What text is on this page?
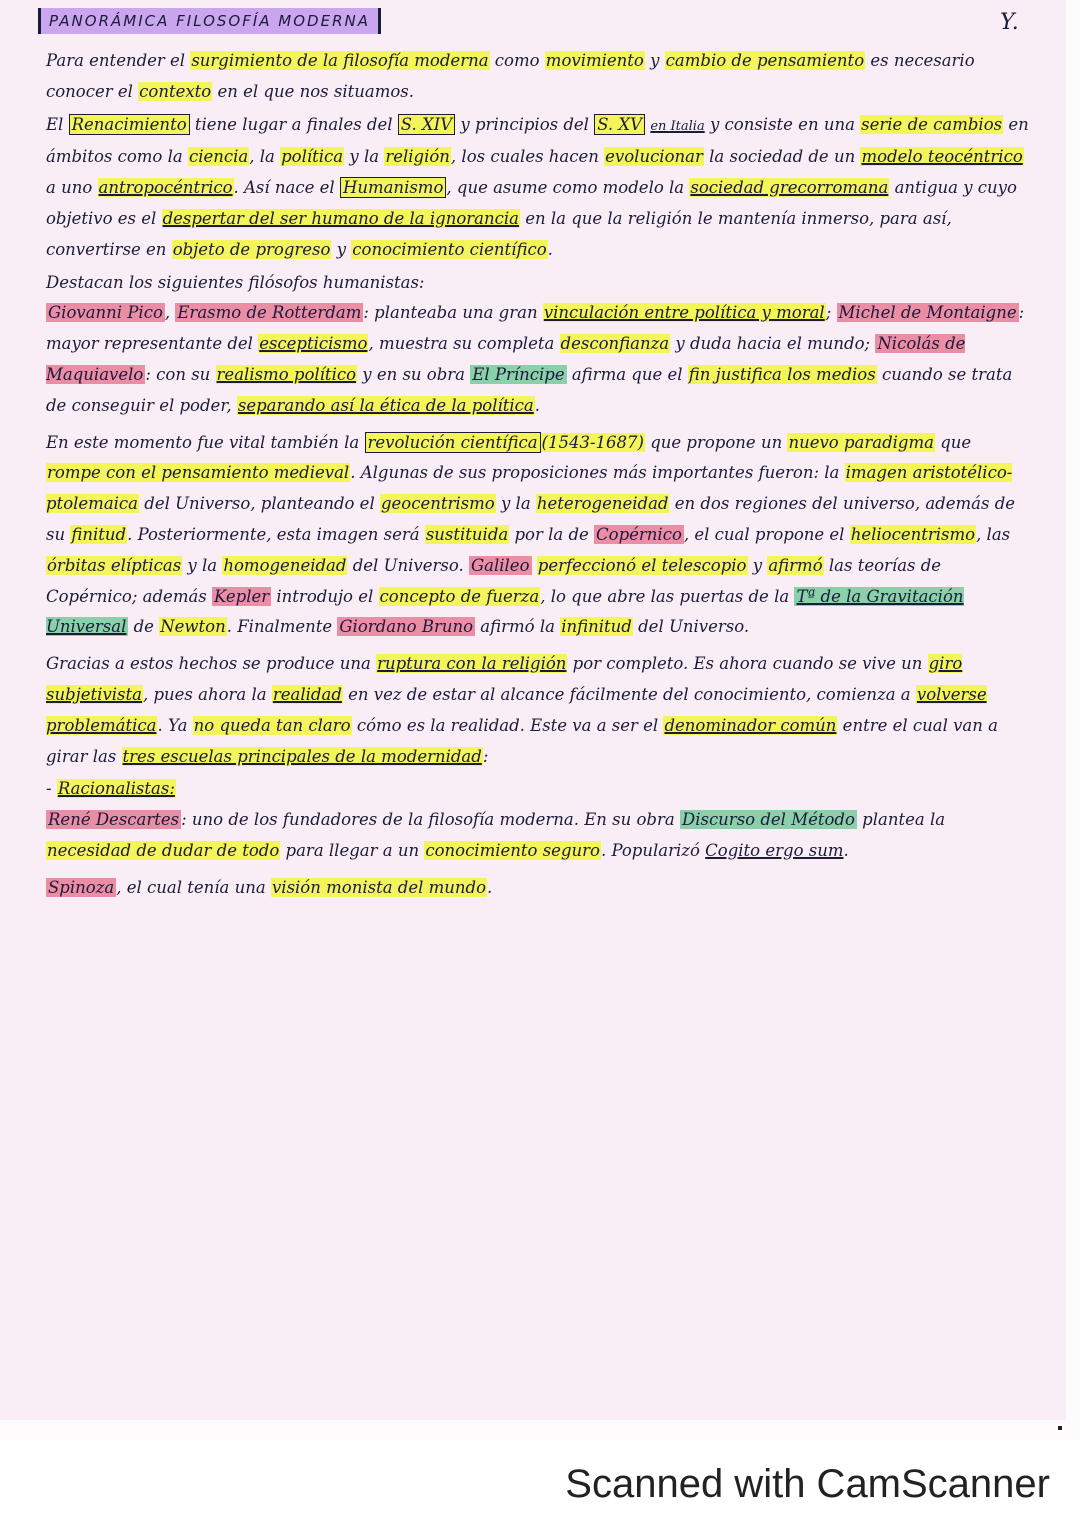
PANORÁMICA FILOSOFÍA MODERNA	Y.

Para entender el surgimiento de la filosofía moderna como movimiento y cambio de pensamiento es necesario conocer el contexto en el que nos situamos.

El Renacimiento tiene lugar a finales del S. XIV y principios del S. XV en Italia y consiste en una serie de cambios en ámbitos como la ciencia, la política y la religión, los cuales hacen evolucionar la sociedad de un modelo teocéntrico a uno antropocéntrico. Así nace el Humanismo , que asume como modelo la sociedad grecorromana antigua y cuyo objetivo es el despertar del ser humano de la ignorancia en la que la religión le mantenía inmerso, para así, convertirse en objeto de progreso y conocimiento científico.

Destacan los siguientes filósofos humanistas:
Giovanni Pico , Erasmo de Rotterdam : planteaba una gran vinculación entre política y moral; Michel de Montaigne : mayor representante del escepticismo, muestra su completa desconfianza y duda hacia el mundo; Nicolás de Maquiavelo : con su realismo político y en su obra El Príncipe afirma que el fin justifica los medios cuando se trata de conseguir el poder, separando así la ética de la política.

En este momento fue vital también la revolución científica (1543-1687) que propone un nuevo paradigma que rompe con el pensamiento medieval. Algunas de sus proposiciones más importantes fueron: la imagen aristotélico-ptolemaica del Universo, planteando el geocentrismo y la heterogeneidad en dos regiones del universo, además de su finitud. Posteriormente, esta imagen será sustituida por la de Copérnico , el cual propone el heliocentrismo, las órbitas elípticas y la homogeneidad del Universo. Galileo perfeccionó el telescopio y afirmó las teorías de Copérnico; además Kepler introdujo el concepto de fuerza, lo que abre las puertas de la Tª de la Gravitación Universal de Newton. Finalmente Giordano Bruno afirmó la infinitud del Universo.

Gracias a estos hechos se produce una ruptura con la religión por completo. Es ahora cuando se vive un giro subjetivista, pues ahora la realidad en vez de estar al alcance fácilmente del conocimiento, comienza a volverse problemática. Ya no queda tan claro cómo es la realidad. Este va a ser el denominador común entre el cual van a girar las tres escuelas principales de la modernidad:

- Racionalistas:
René Descartes : uno de los fundadores de la filosofía moderna. En su obra Discurso del Método plantea la necesidad de dudar de todo para llegar a un conocimiento seguro. Popularizó Cogito ergo sum.

Spinoza , el cual tenía una visión monista del mundo.

Scanned with CamScanner
